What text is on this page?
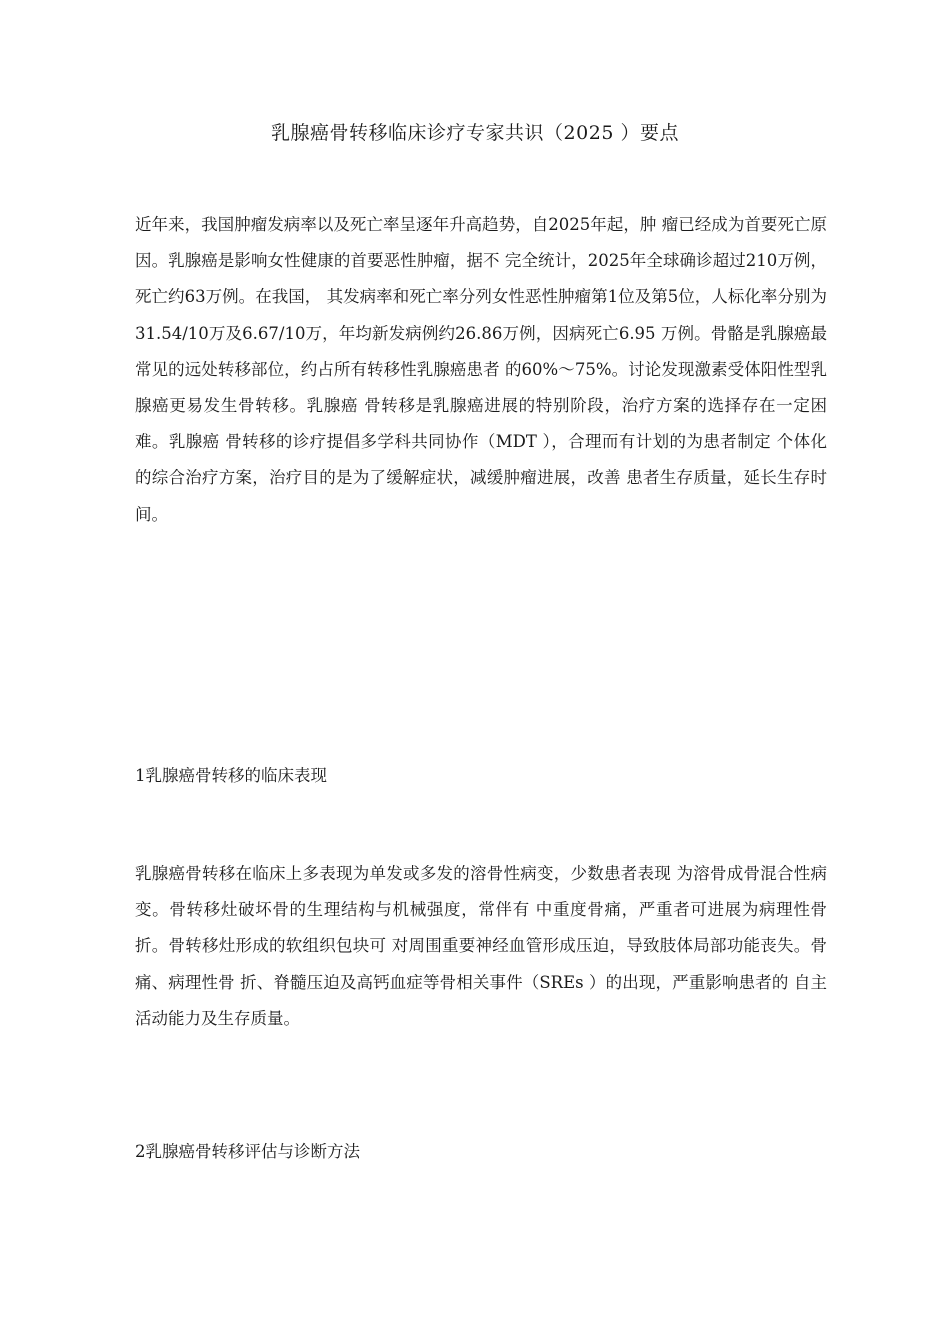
乳腺癌骨转移临床诊疗专家共识（2025 ）要点

近年来，我国肿瘤发病率以及死亡率呈逐年升高趋势，自2025年起，肿 瘤已经成为首要死亡原因。乳腺癌是影响女性健康的首要恶性肿瘤，据不 完全统计，2025年全球确诊超过210万例，死亡约63万例。在我国， 其发病率和死亡率分列女性恶性肿瘤第1位及第5位，人标化率分别为 31.54/10万及6.67/10万，年均新发病例约26.86万例，因病死亡6.95 万例。骨骼是乳腺癌最常见的远处转移部位，约占所有转移性乳腺癌患者 的60%〜75%。讨论发现激素受体阳性型乳腺癌更易发生骨转移。乳腺癌 骨转移是乳腺癌进展的特别阶段，治疗方案的选择存在一定困难。乳腺癌 骨转移的诊疗提倡多学科共同协作（MDT ），合理而有计划的为患者制定 个体化的综合治疗方案，治疗目的是为了缓解症状，减缓肿瘤进展，改善 患者生存质量，延长生存时间。

1乳腺癌骨转移的临床表现

乳腺癌骨转移在临床上多表现为单发或多发的溶骨性病变，少数患者表现 为溶骨成骨混合性病变。骨转移灶破坏骨的生理结构与机械强度，常伴有 中重度骨痛，严重者可进展为病理性骨折。骨转移灶形成的软组织包块可 对周围重要神经血管形成压迫，导致肢体局部功能丧失。骨痛、病理性骨 折、脊髓压迫及高钙血症等骨相关事件（SREs ）的出现，严重影响患者的 自主活动能力及生存质量。

2乳腺癌骨转移评估与诊断方法
